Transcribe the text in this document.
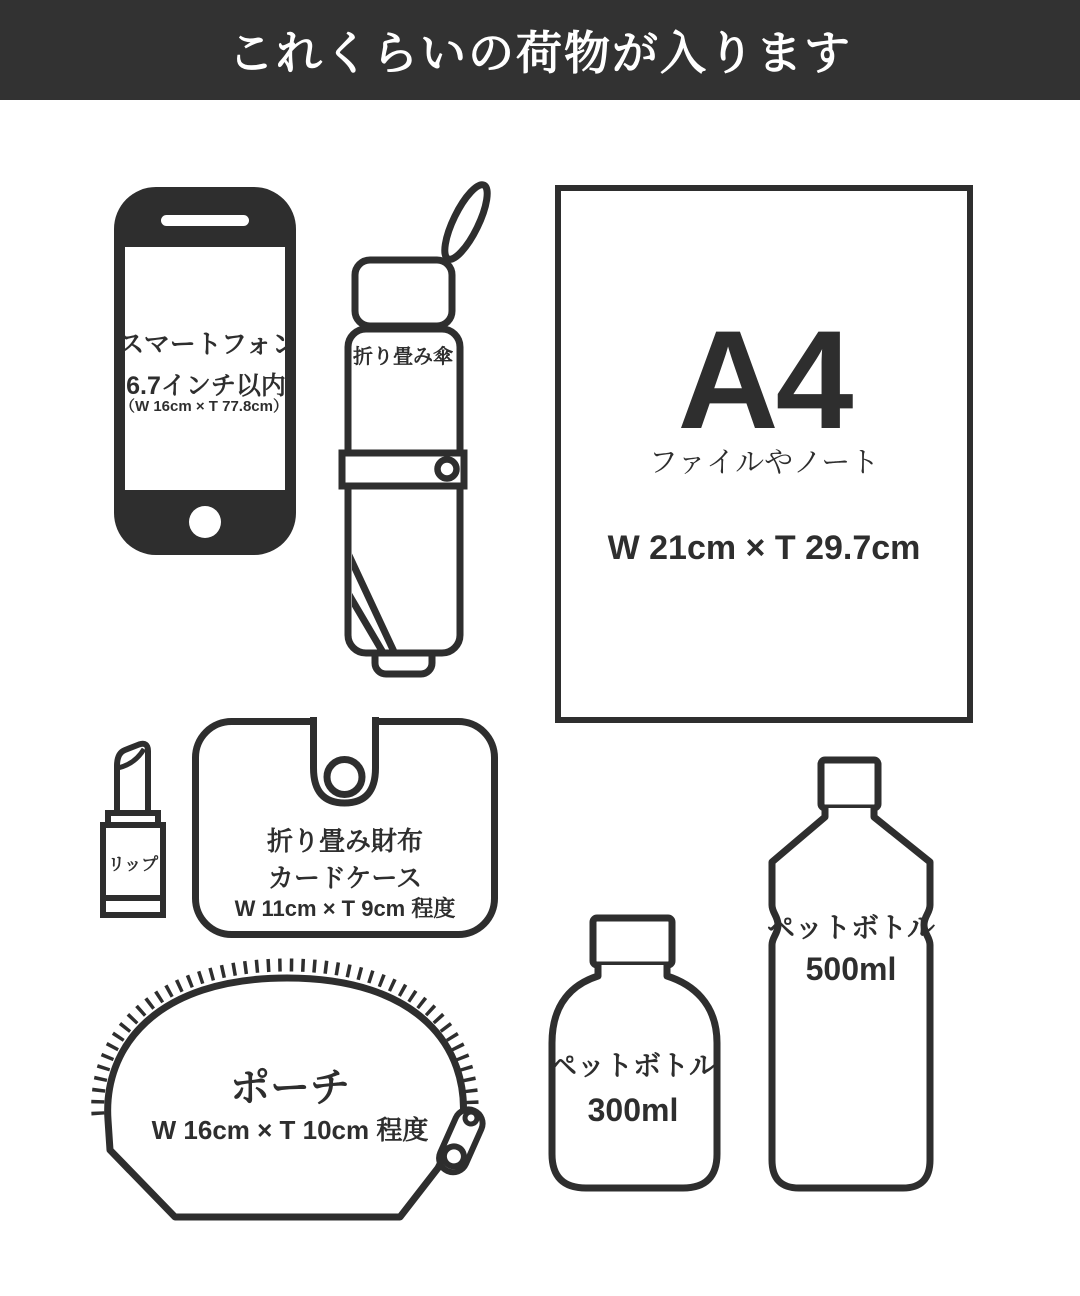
これくらいの荷物が入ります
スマートフォン
6.7インチ以内
（W 16cm × T 77.8cm）
折り畳み傘 A4
ファイルやノート
W 21cm × T 29.7cm
リップ
折り畳み財布
カードケース
W 11cm × T 9cm 程度
ポーチ
W 16cm × T 10cm 程度
ペットボトル
300ml
ペットボトル
500ml
